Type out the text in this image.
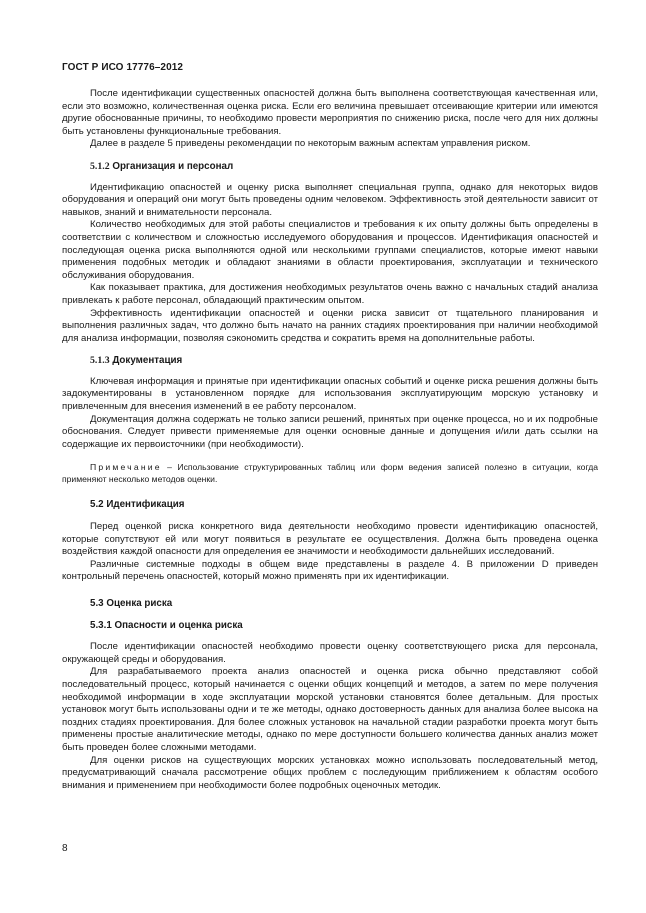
ГОСТ Р ИСО 17776–2012

После идентификации существенных опасностей должна быть выполнена соответствующая качественная или, если это возможно, количественная оценка риска. Если его величина превышает отсеивающие критерии или имеются другие обоснованные причины, то необходимо провести мероприятия по снижению риска, после чего для них должны быть установлены функциональные требования.

Далее в разделе 5 приведены рекомендации по некоторым важным аспектам управления риском.

5.1.2 Организация и персонал

Идентификацию опасностей и оценку риска выполняет специальная группа, однако для некоторых видов оборудования и операций они могут быть проведены одним человеком. Эффективность этой деятельности зависит от навыков, знаний и внимательности персонала.

Количество необходимых для этой работы специалистов и требования к их опыту должны быть определены в соответствии с количеством и сложностью исследуемого оборудования и процессов. Идентификация опасностей и последующая оценка риска выполняются одной или несколькими группами специалистов, которые имеют навыки применения подобных методик и обладают знаниями в области проектирования, эксплуатации и технического обслуживания оборудования.

Как показывает практика, для достижения необходимых результатов очень важно с начальных стадий анализа привлекать к работе персонал, обладающий практическим опытом.

Эффективность идентификации опасностей и оценки риска зависит от тщательного планирования и выполнения различных задач, что должно быть начато на ранних стадиях проектирования при наличии необходимой для анализа информации, позволяя сэкономить средства и сократить время на дополнительные работы.

5.1.3 Документация

Ключевая информация и принятые при идентификации опасных событий и оценке риска решения должны быть задокументированы в установленном порядке для использования эксплуатирующим морскую установку и привлеченным для внесения изменений в ее работу персоналом.

Документация должна содержать не только записи решений, принятых при оценке процесса, но и их подробные обоснования. Следует привести применяемые для оценки основные данные и допущения и/или дать ссылки на содержащие их первоисточники (при необходимости).

Примечание – Использование структурированных таблиц или форм ведения записей полезно в ситуации, когда применяют несколько методов оценки.

5.2 Идентификация

Перед оценкой риска конкретного вида деятельности необходимо провести идентификацию опасностей, которые сопутствуют ей или могут появиться в результате ее осуществления. Должна быть проведена оценка воздействия каждой опасности для определения ее значимости и необходимости дальнейших исследований.

Различные системные подходы в общем виде представлены в разделе 4. В приложении D приведен контрольный перечень опасностей, который можно применять при их идентификации.

5.3 Оценка риска
5.3.1 Опасности и оценка риска

После идентификации опасностей необходимо провести оценку соответствующего риска для персонала, окружающей среды и оборудования.

Для разрабатываемого проекта анализ опасностей и оценка риска обычно представляют собой последовательный процесс, который начинается с оценки общих концепций и методов, а затем по мере получения необходимой информации в ходе эксплуатации морской установки становятся более детальным. Для простых установок могут быть использованы одни и те же методы, однако достоверность данных для анализа более высока на поздних стадиях проектирования. Для более сложных установок на начальной стадии разработки проекта могут быть применены простые аналитические методы, однако по мере доступности большего количества данных анализ может быть проведен более сложными методами.

Для оценки рисков на существующих морских установках можно использовать последовательный метод, предусматривающий сначала рассмотрение общих проблем с последующим приближением к областям особого внимания и применением при необходимости более подробных оценочных методик.

8
